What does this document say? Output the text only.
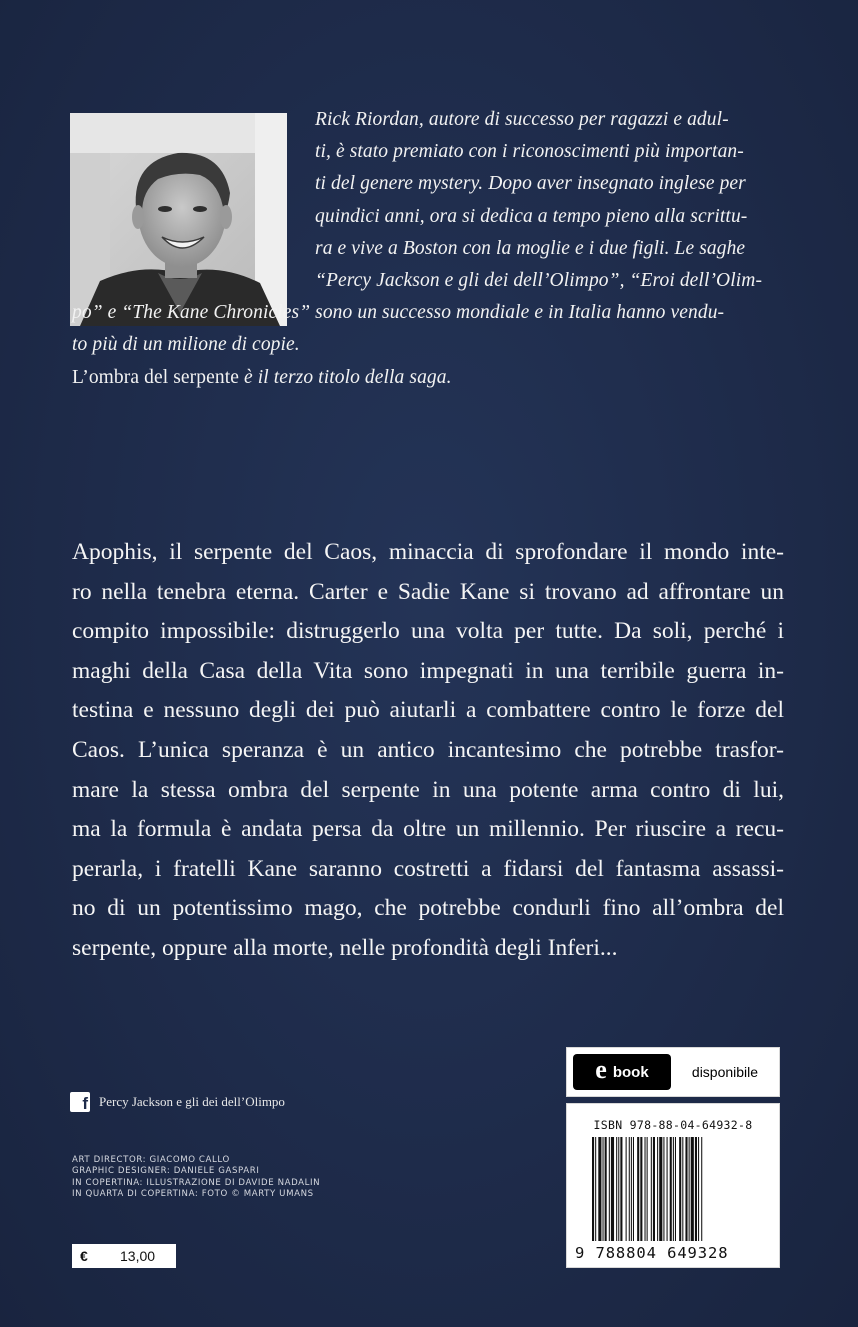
Rick Riordan, autore di successo per ragazzi e adul-
ti, è stato premiato con i riconoscimenti più importan-
ti del genere mystery. Dopo aver insegnato inglese per
quindici anni, ora si dedica a tempo pieno alla scrittu-
ra e vive a Boston con la moglie e i due figli. Le saghe
“Percy Jackson e gli dei dell’Olimpo”, “Eroi dell’Olim-
po” e “The Kane Chronicles” sono un successo mondiale e in Italia hanno vendu-
to più di un milione di copie.
L’ombra del serpente è il terzo titolo della saga.
Apophis, il serpente del Caos, minaccia di sprofondare il mondo inte-
ro nella tenebra eterna. Carter e Sadie Kane si trovano ad affrontare un
compito impossibile: distruggerlo una volta per tutte. Da soli, perché i
maghi della Casa della Vita sono impegnati in una terribile guerra in-
testina e nessuno degli dei può aiutarli a combattere contro le forze del
Caos. L’unica speranza è un antico incantesimo che potrebbe trasfor-
mare la stessa ombra del serpente in una potente arma contro di lui,
ma la formula è andata persa da oltre un millennio. Per riuscire a recu-
perarla, i fratelli Kane saranno costretti a fidarsi del fantasma assassi-
no di un potentissimo mago, che potrebbe condurli fino all’ombra del
serpente, oppure alla morte, nelle profondità degli Inferi...
f Percy Jackson e gli dei dell’Olimpo
ART DIRECTOR: GIACOMO CALLO
GRAPHIC DESIGNER: DANIELE GASPARI
IN COPERTINA: ILLUSTRAZIONE DI DAVIDE NADALIN
IN QUARTA DI COPERTINA: FOTO © MARTY UMANS
€	13,00
e book	disponibile
ISBN 978-88-04-64932-8
9 788804 649328
